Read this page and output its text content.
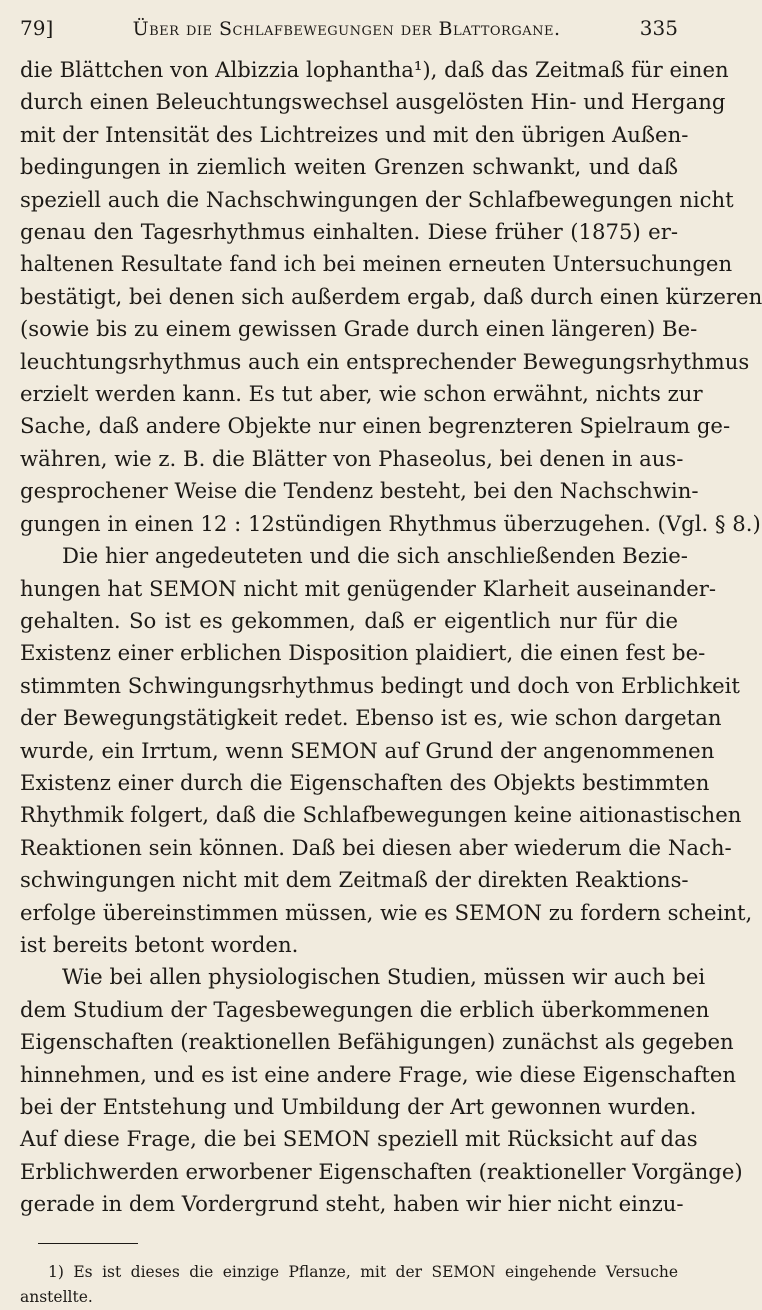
79]	Über die Schlafbewegungen der Blattorgane.	335
die Blättchen von Albizzia lophantha¹), daß das Zeitmaß für einen
durch einen Beleuchtungswechsel ausgelösten Hin- und Hergang
mit der Intensität des Lichtreizes und mit den übrigen Außen-
bedingungen in ziemlich weiten Grenzen schwankt, und daß
speziell auch die Nachschwingungen der Schlafbewegungen nicht
genau den Tagesrhythmus einhalten. Diese früher (1875) er-
haltenen Resultate fand ich bei meinen erneuten Untersuchungen
bestätigt, bei denen sich außerdem ergab, daß durch einen kürzeren
(sowie bis zu einem gewissen Grade durch einen längeren) Be-
leuchtungsrhythmus auch ein entsprechender Bewegungsrhythmus
erzielt werden kann. Es tut aber, wie schon erwähnt, nichts zur
Sache, daß andere Objekte nur einen begrenzteren Spielraum ge-
währen, wie z. B. die Blätter von Phaseolus, bei denen in aus-
gesprochener Weise die Tendenz besteht, bei den Nachschwin-
gungen in einen 12 : 12stündigen Rhythmus überzugehen. (Vgl. § 8.)
Die hier angedeuteten und die sich anschließenden Bezie-
hungen hat SEMON nicht mit genügender Klarheit auseinander-
gehalten. So ist es gekommen, daß er eigentlich nur für die
Existenz einer erblichen Disposition plaidiert, die einen fest be-
stimmten Schwingungsrhythmus bedingt und doch von Erblichkeit
der Bewegungstätigkeit redet. Ebenso ist es, wie schon dargetan
wurde, ein Irrtum, wenn SEMON auf Grund der angenommenen
Existenz einer durch die Eigenschaften des Objekts bestimmten
Rhythmik folgert, daß die Schlafbewegungen keine aitionastischen
Reaktionen sein können. Daß bei diesen aber wiederum die Nach-
schwingungen nicht mit dem Zeitmaß der direkten Reaktions-
erfolge übereinstimmen müssen, wie es SEMON zu fordern scheint,
ist bereits betont worden.
Wie bei allen physiologischen Studien, müssen wir auch bei
dem Studium der Tagesbewegungen die erblich überkommenen
Eigenschaften (reaktionellen Befähigungen) zunächst als gegeben
hinnehmen, und es ist eine andere Frage, wie diese Eigenschaften
bei der Entstehung und Umbildung der Art gewonnen wurden.
Auf diese Frage, die bei SEMON speziell mit Rücksicht auf das
Erblichwerden erworbener Eigenschaften (reaktioneller Vorgänge)
gerade in dem Vordergrund steht, haben wir hier nicht einzu-
1) Es ist dieses die einzige Pflanze, mit der SEMON eingehende Versuche
anstellte.
